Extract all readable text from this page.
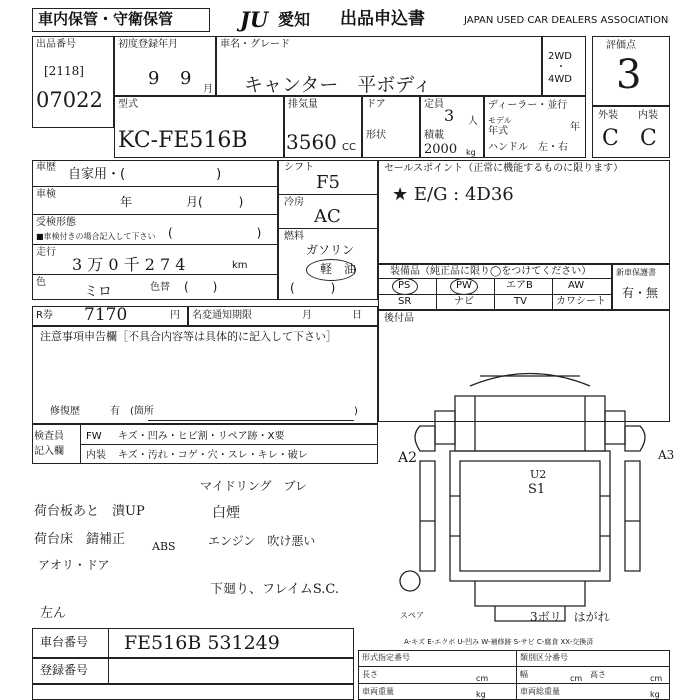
車内保管・守衛保管	JU 愛知 出品申込書	JAPAN USED CAR DEALERS ASSOCIATION
出品番号
[2118]
07022
初度登録年月
9 9
月
車名・グレード
キャンター　平ボディ
2WD
・
4WD
評価点
3
型式
KC-FE516B
排気量
3560 CC
ドア
形状
定員
3 人
積載
2000 kg
ディーラー・並行
年式
モデル
年
ハンドル　左・右
外装 内装
C C
車歴 自家用・(　　　　　　　)
車検
年	月(　　　)
受検形態
■車検付きの場合記入して下さい (　　　　　　　)
走行
3 万 0 千 2 7 4	km
色
ミロ	色替 (　　)
シフト
F5
冷房
AC
燃料
ガソリン
軽　油
(　　　)
セールスポイント（正常に機能するものに限ります）
★ E/G : 4D36
装備品（純正品に限り◯をつけてください）	新車保護書
有・無
PS	PW	エアB	AW
SR	ナビ	TV	カワシート
R券 7170	円 名変通知期限	月	日 後付品
注意事項申告欄［不具合内容等は具体的に記入して下さい］
修復歴	有　(箇所	)
検査員
記入欄
FW キズ・凹み・ヒビ割・リペア跡・X要
内装 キズ・汚れ・コゲ・穴・スレ・キレ・破レ
マイドリング　ブレ
荷台板あと　潰UP	白煙
荷台床　錆補正 ABS	エンジン　吹け悪い
アオリ・ドア
下廻り、フレイムS.C.
左ん
A2	A3
U2
S1
スペア	3ボリ　はがれ
A-キズ E-エクボ U-凹み W-補修跡 S-サビ C-腐食 XX-交換済
車台番号 FE516B 531249
登録番号
形式指定番号	類別区分番号
長さ	cm	幅	cm 高さ	cm
車両重量	kg	車両総重量	kg
